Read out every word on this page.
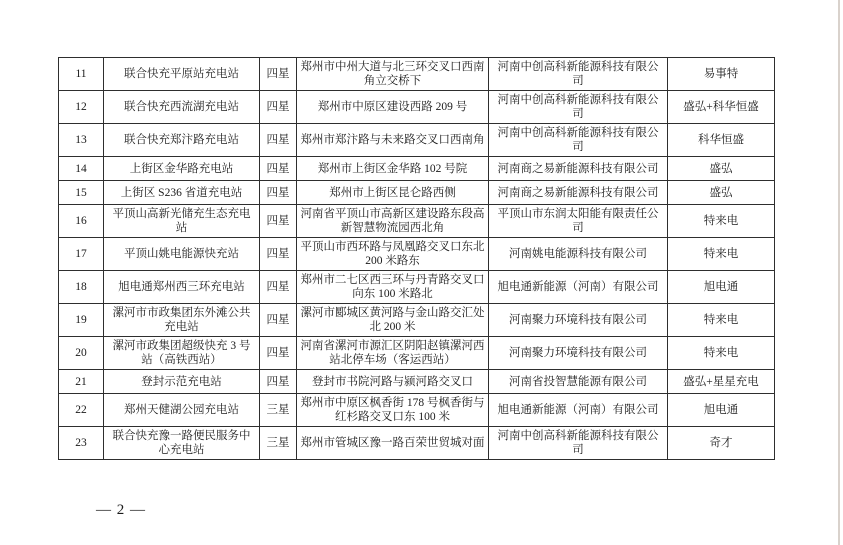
11	联合快充平原站充电站	四星	郑州市中州大道与北三环交叉口西南角立交桥下	河南中创高科新能源科技有限公司	易事特
12	联合快充西流湖充电站	四星	郑州市中原区建设西路 209 号	河南中创高科新能源科技有限公司	盛弘+科华恒盛
13	联合快充郑汴路充电站	四星	郑州市郑汴路与未来路交叉口西南角	河南中创高科新能源科技有限公司	科华恒盛
14	上街区金华路充电站	四星	郑州市上街区金华路 102 号院	河南商之易新能源科技有限公司	盛弘
15	上街区 S236 省道充电站	四星	郑州市上街区昆仑路西侧	河南商之易新能源科技有限公司	盛弘
16	平顶山高新光储充生态充电站	四星	河南省平顶山市高新区建设路东段高新智慧物流园西北角	平顶山市东润太阳能有限责任公司	特来电
17	平顶山姚电能源快充站	四星	平顶山市西环路与凤凰路交叉口东北 200 米路东	河南姚电能源科技有限公司	特来电
18	旭电通郑州西三环充电站	四星	郑州市二七区西三环与丹青路交叉口向东 100 米路北	旭电通新能源（河南）有限公司	旭电通
19	漯河市市政集团东外滩公共充电站	四星	漯河市郾城区黄河路与金山路交汇处北 200 米	河南聚力环境科技有限公司	特来电
20	漯河市政集团超级快充 3 号站（高铁西站）	四星	河南省漯河市源汇区阴阳赵镇漯河西站北停车场（客运西站）	河南聚力环境科技有限公司	特来电
21	登封示范充电站	四星	登封市书院河路与颍河路交叉口	河南省投智慧能源有限公司	盛弘+星星充电
22	郑州天健湖公园充电站	三星	郑州市中原区枫香街 178 号枫香街与红杉路交叉口东 100 米	旭电通新能源（河南）有限公司	旭电通
23	联合快充豫一路便民服务中心充电站	三星	郑州市管城区豫一路百荣世贸城对面	河南中创高科新能源科技有限公司	奇才
— 2 —
